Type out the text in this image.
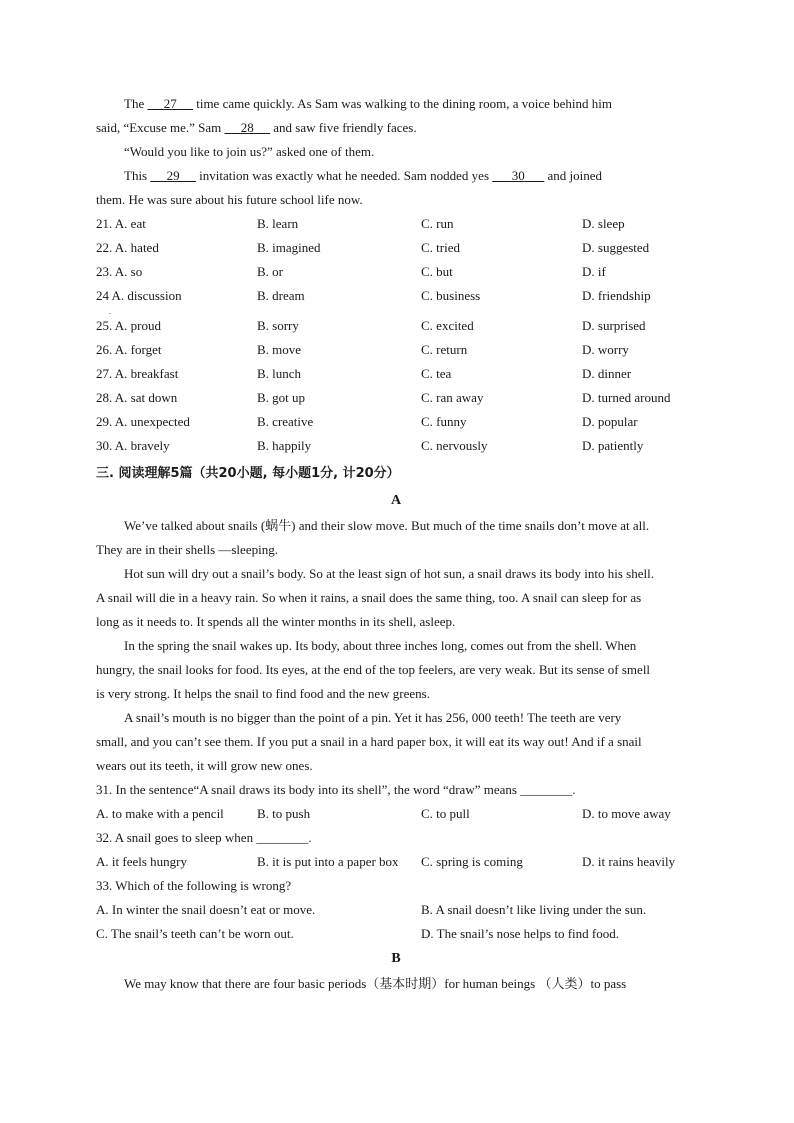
The      27      time came quickly. As Sam was walking to the dining room, a voice behind him
said, “Excuse me.” Sam      28      and saw five friendly faces.
“Would you like to join us?” asked one of them.
This      29      invitation was exactly what he needed. Sam nodded yes       30       and joined
them. He was sure about his future school life now.
21. A. eat	B. learn	C. run	D. sleep
22. A. hated	B. imagined	C. tried	D. suggested
23. A. so	B. or	C. but	D. if
24 A. discussion	B. dream	C. business	D. friendship
.
25. A. proud	B. sorry	C. excited	D. surprised
26. A. forget	B. move	C. return	D. worry
27. A. breakfast	B. lunch	C. tea	D. dinner
28. A. sat down	B. got up	C. ran away	D. turned around
29. A. unexpected	B. creative	C. funny	D. popular
30. A. bravely	B. happily	C. nervously	D. patiently
三. 阅读理解5篇（共20小题, 每小题1分, 计20分）
A
We’ve talked about snails (蜗牛) and their slow move. But much of the time snails don’t move at all.
They are in their shells —sleeping.
Hot sun will dry out a snail’s body. So at the least sign of hot sun, a snail draws its body into his shell.
A snail will die in a heavy rain. So when it rains, a snail does the same thing, too. A snail can sleep for as
long as it needs to. It spends all the winter months in its shell, asleep.
In the spring the snail wakes up. Its body, about three inches long, comes out from the shell. When
hungry, the snail looks for food. Its eyes, at the end of the top feelers, are very weak. But its sense of smell
is very strong. It helps the snail to find food and the new greens.
A snail’s mouth is no bigger than the point of a pin. Yet it has 256, 000 teeth! The teeth are very
small, and you can’t see them. If you put a snail in a hard paper box, it will eat its way out! And if a snail
wears out its teeth, it will grow new ones.
31. In the sentence“A snail draws its body into its shell”, the word “draw” means ________.
A. to make with a pencil	B. to push	C. to pull	D. to move away
32. A snail goes to sleep when ________.
A. it feels hungry	B. it is put into a paper box	C. spring is coming	D. it rains heavily
33. Which of the following is wrong?
A. In winter the snail doesn’t eat or move.	B. A snail doesn’t like living under the sun.
C. The snail’s teeth can’t be worn out.	D. The snail’s nose helps to find food.
B
We may know that there are four basic periods（基本时期）for human beings （人类）to pass
